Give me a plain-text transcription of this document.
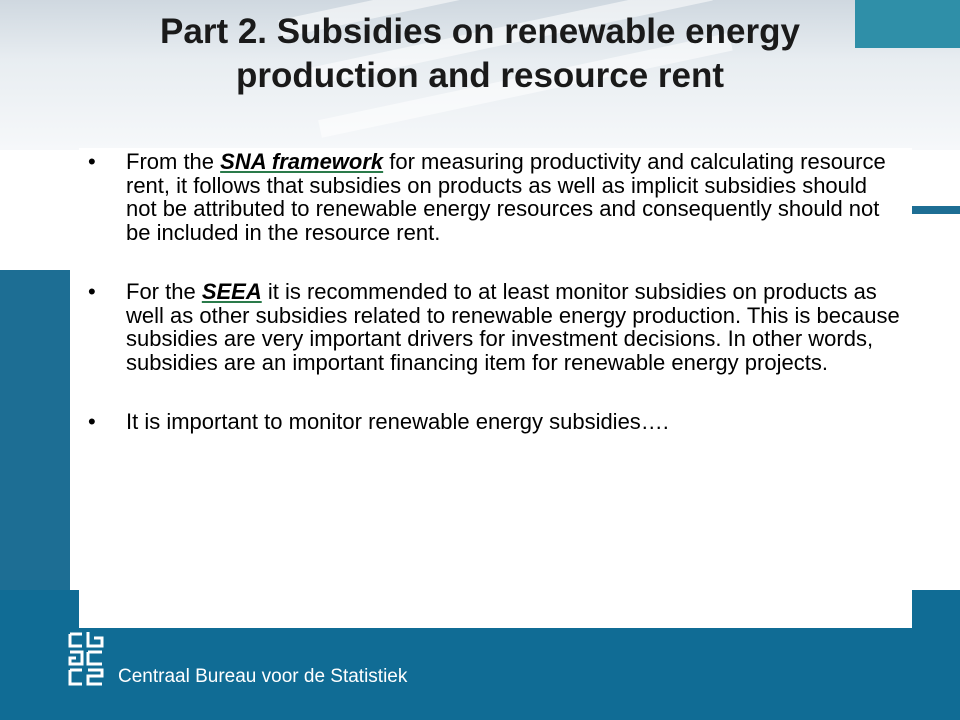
Part 2. Subsidies on renewable energy
production and resource rent
• From the SNA framework for measuring productivity and calculating resource rent, it follows that subsidies on products as well as implicit subsidies should not be attributed to renewable energy resources and consequently should not be included in the resource rent.
• For the SEEA it is recommended to at least monitor subsidies on products as well as other subsidies related to renewable energy production. This is because subsidies are very important drivers for investment decisions. In other words, subsidies are an important financing item for renewable energy projects.
• It is important to monitor renewable energy subsidies….
Centraal Bureau voor de Statistiek
